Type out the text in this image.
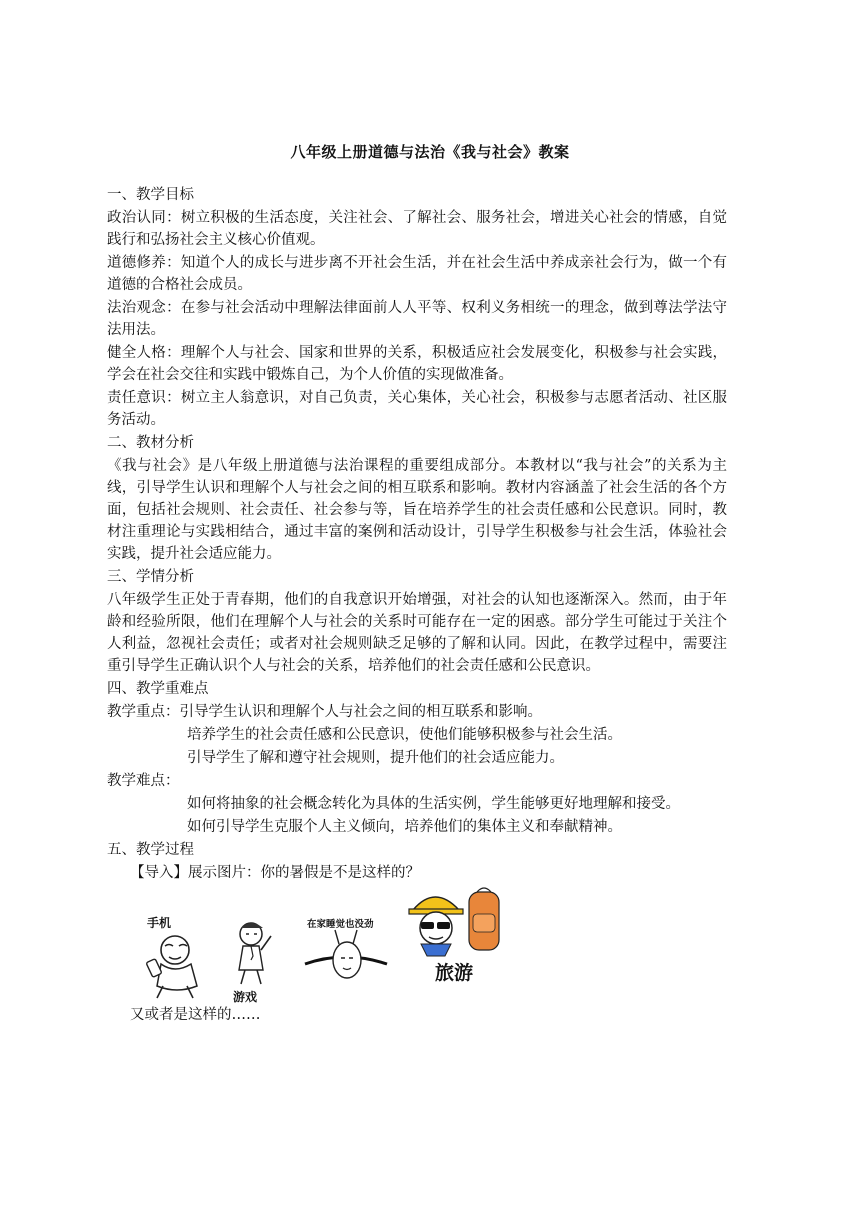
八年级上册道德与法治《我与社会》教案

一、教学目标

政治认同：树立积极的生活态度，关注社会、了解社会、服务社会，增进关心社会的情感，自觉践行和弘扬社会主义核心价值观。

道德修养：知道个人的成长与进步离不开社会生活，并在社会生活中养成亲社会行为，做一个有道德的合格社会成员。

法治观念：在参与社会活动中理解法律面前人人平等、权利义务相统一的理念，做到尊法学法守法用法。

健全人格：理解个人与社会、国家和世界的关系，积极适应社会发展变化，积极参与社会实践，学会在社会交往和实践中锻炼自己，为个人价值的实现做准备。

责任意识：树立主人翁意识，对自己负责，关心集体，关心社会，积极参与志愿者活动、社区服务活动。

二、教材分析

《我与社会》是八年级上册道德与法治课程的重要组成部分。本教材以“我与社会”的关系为主线，引导学生认识和理解个人与社会之间的相互联系和影响。教材内容涵盖了社会生活的各个方面，包括社会规则、社会责任、社会参与等，旨在培养学生的社会责任感和公民意识。同时，教材注重理论与实践相结合，通过丰富的案例和活动设计，引导学生积极参与社会生活，体验社会实践，提升社会适应能力。

三、学情分析

八年级学生正处于青春期，他们的自我意识开始增强，对社会的认知也逐渐深入。然而，由于年龄和经验所限，他们在理解个人与社会的关系时可能存在一定的困惑。部分学生可能过于关注个人利益，忽视社会责任；或者对社会规则缺乏足够的了解和认同。因此，在教学过程中，需要注重引导学生正确认识个人与社会的关系，培养他们的社会责任感和公民意识。

四、教学重难点

教学重点：引导学生认识和理解个人与社会之间的相互联系和影响。

培养学生的社会责任感和公民意识，使他们能够积极参与社会生活。

引导学生了解和遵守社会规则，提升他们的社会适应能力。

教学难点：

如何将抽象的社会概念转化为具体的生活实例，学生能够更好地理解和接受。

如何引导学生克服个人主义倾向，培养他们的集体主义和奉献精神。

五、教学过程

【导入】展示图片：你的暑假是不是这样的？

手机
游戏
在家睡觉也没劲
旅游

又或者是这样的……
